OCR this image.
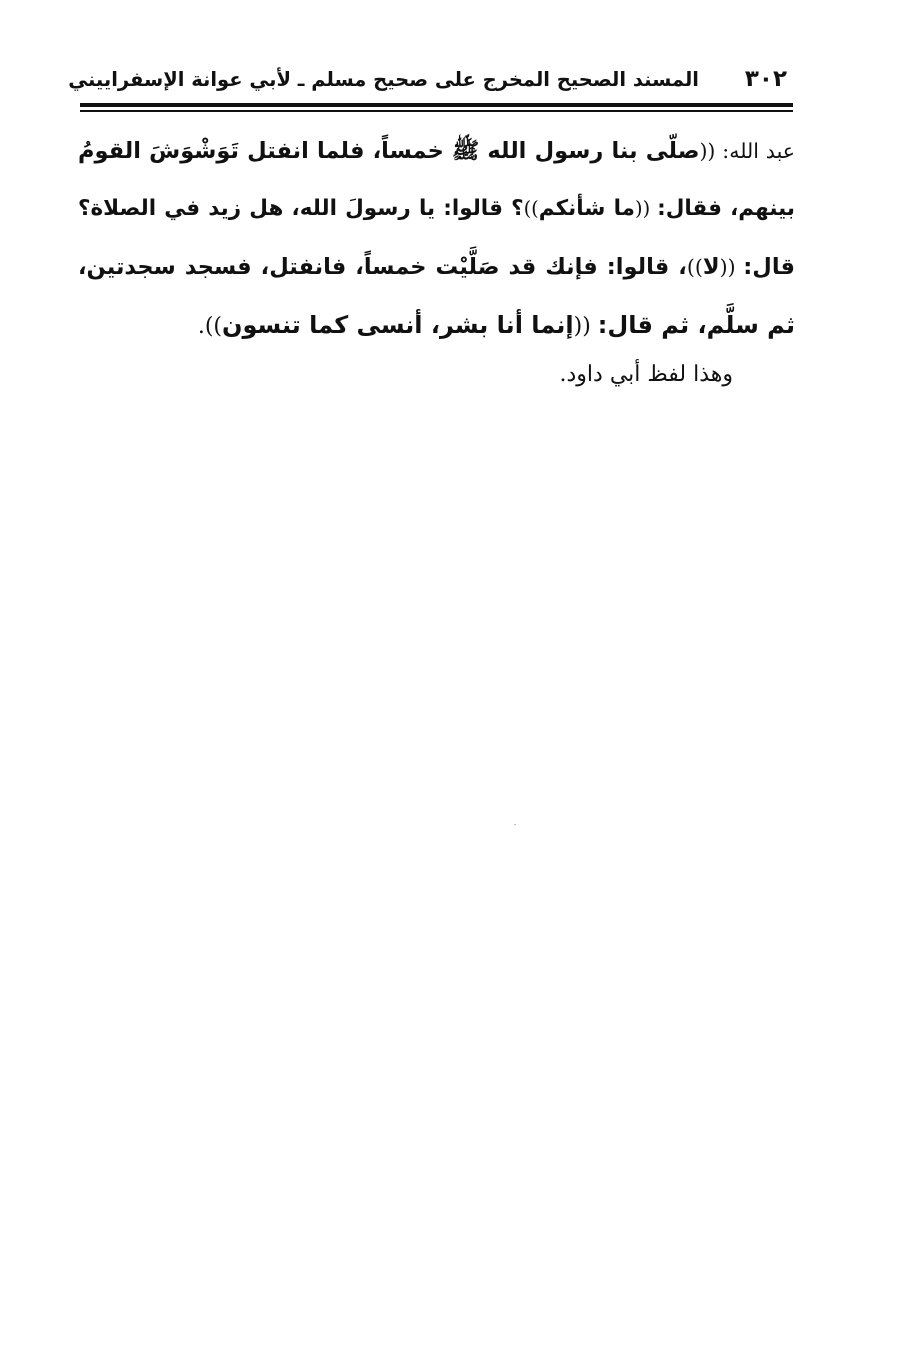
٣٠٢
المسند الصحيح المخرج على صحيح مسلم ـ لأبي عوانة الإسفراييني
عبد الله: ((صلّى بنا رسول الله ﷺ خمساً، فلما انفتل تَوَشْوَشَ القومُ
بينهم، فقال: ((ما شأنكم))؟ قالوا: يا رسولَ الله، هل زيد في الصلاة؟
قال: ((لا))، قالوا: فإنك قد صَلَّيْت خمساً، فانفتل، فسجد سجدتين،
ثم سلَّم، ثم قال: ((إنما أنا بشر، أنسى كما تنسون)).
وهذا لفظ أبي داود.
